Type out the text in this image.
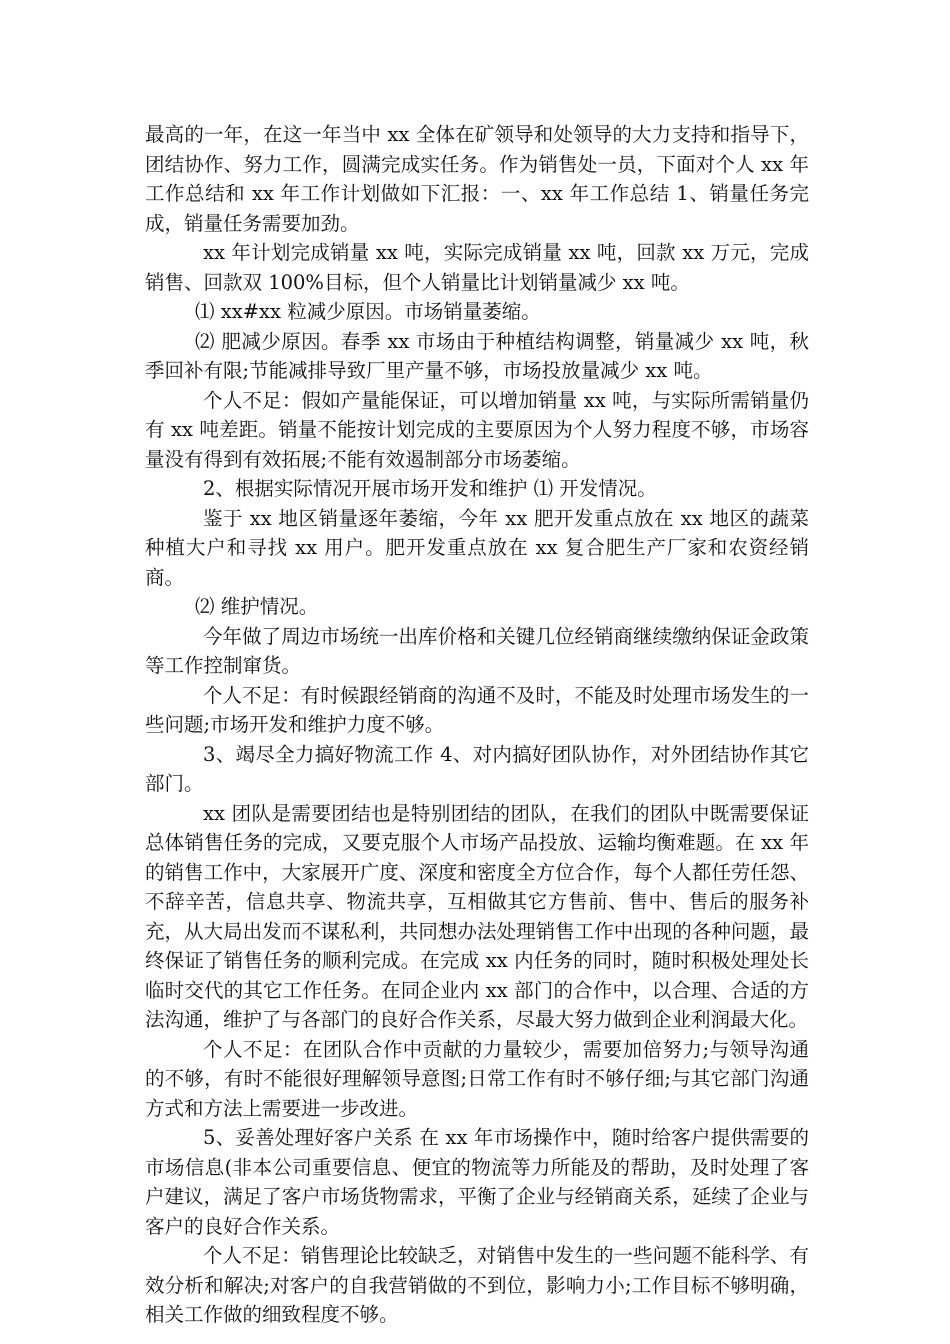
最高的一年，在这一年当中 xx 全体在矿领导和处领导的大力支持和指导下，团结协作、努力工作，圆满完成实任务。作为销售处一员，下面对个人 xx 年工作总结和 xx 年工作计划做如下汇报：一、xx 年工作总结 1、销量任务完成，销量任务需要加劲。

xx 年计划完成销量 xx 吨，实际完成销量 xx 吨，回款 xx 万元，完成销售、回款双 100%目标，但个人销量比计划销量减少 xx 吨。

⑴ xx#xx 粒减少原因。市场销量萎缩。

⑵ 肥减少原因。春季 xx 市场由于种植结构调整，销量减少 xx 吨，秋季回补有限;节能减排导致厂里产量不够，市场投放量减少 xx 吨。

个人不足：假如产量能保证，可以增加销量 xx 吨，与实际所需销量仍有 xx 吨差距。销量不能按计划完成的主要原因为个人努力程度不够，市场容量没有得到有效拓展;不能有效遏制部分市场萎缩。

2、根据实际情况开展市场开发和维护 ⑴ 开发情况。

鉴于 xx 地区销量逐年萎缩，今年 xx 肥开发重点放在 xx 地区的蔬菜种植大户和寻找 xx 用户。肥开发重点放在 xx 复合肥生产厂家和农资经销商。

⑵ 维护情况。

今年做了周边市场统一出库价格和关键几位经销商继续缴纳保证金政策等工作控制窜货。

个人不足：有时候跟经销商的沟通不及时，不能及时处理市场发生的一些问题;市场开发和维护力度不够。

3、竭尽全力搞好物流工作 4、对内搞好团队协作，对外团结协作其它部门。

xx 团队是需要团结也是特别团结的团队，在我们的团队中既需要保证总体销售任务的完成，又要克服个人市场产品投放、运输均衡难题。在 xx 年的销售工作中，大家展开广度、深度和密度全方位合作，每个人都任劳任怨、不辞辛苦，信息共享、物流共享，互相做其它方售前、售中、售后的服务补充，从大局出发而不谋私利，共同想办法处理销售工作中出现的各种问题，最终保证了销售任务的顺利完成。在完成 xx 内任务的同时，随时积极处理处长临时交代的其它工作任务。在同企业内 xx 部门的合作中，以合理、合适的方法沟通，维护了与各部门的良好合作关系，尽最大努力做到企业利润最大化。

个人不足：在团队合作中贡献的力量较少，需要加倍努力;与领导沟通的不够，有时不能很好理解领导意图;日常工作有时不够仔细;与其它部门沟通方式和方法上需要进一步改进。

5、妥善处理好客户关系 在 xx 年市场操作中，随时给客户提供需要的市场信息(非本公司重要信息、便宜的物流等力所能及的帮助，及时处理了客户建议，满足了客户市场货物需求，平衡了企业与经销商关系，延续了企业与客户的良好合作关系。

个人不足：销售理论比较缺乏，对销售中发生的一些问题不能科学、有效分析和解决;对客户的自我营销做的不到位，影响力小;工作目标不够明确，相关工作做的细致程度不够。
